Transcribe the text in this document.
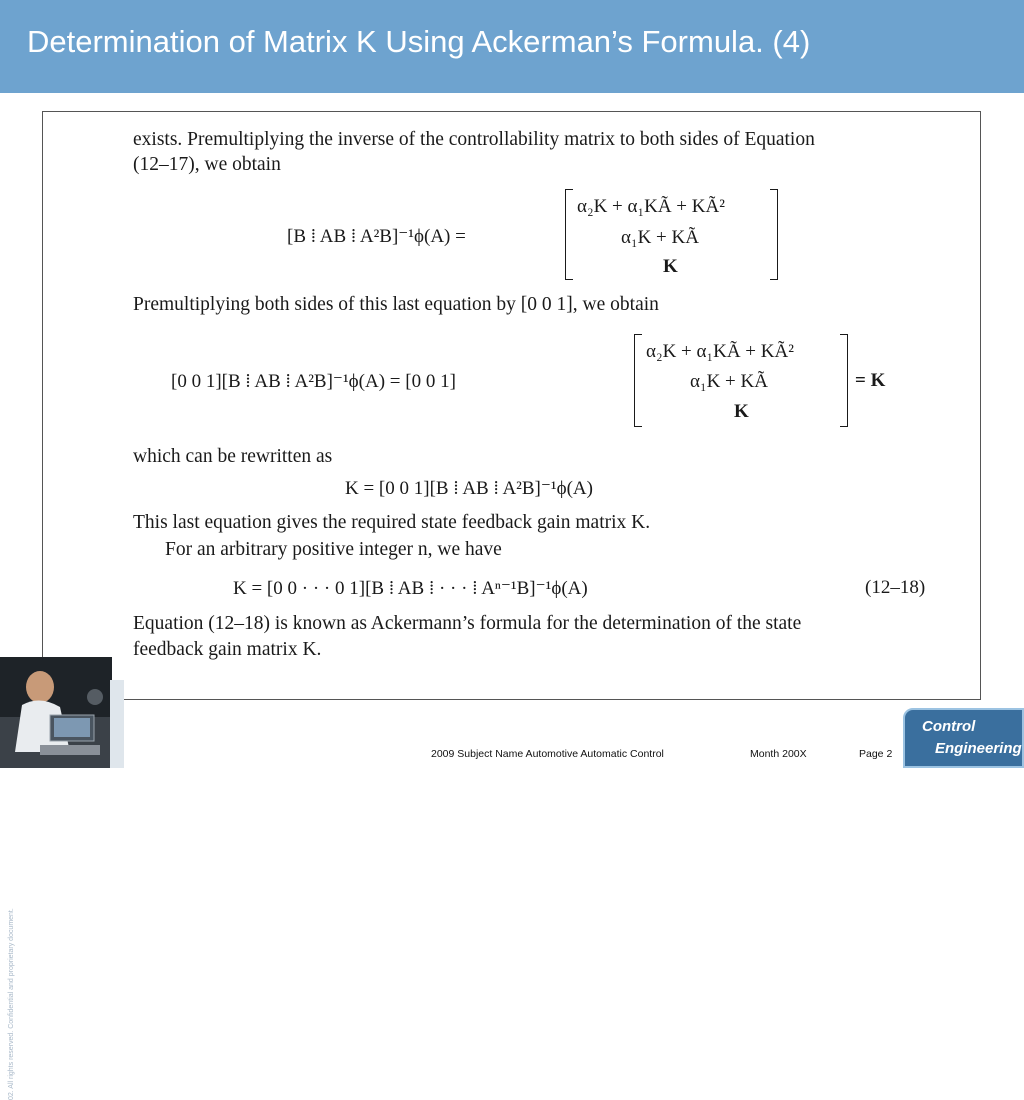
Determination of Matrix K Using Ackerman’s Formula. (4)
02. All rights reserved. Confidential and proprietary document.
exists. Premultiplying the inverse of the controllability matrix to both sides of Equation
(12–17), we obtain
[B ⁞ AB ⁞ A²B]⁻¹ϕ(A) =
α₂K + α₁KÃ + KÃ²
α₁K + KÃ
K
Premultiplying both sides of this last equation by [0 0 1], we obtain
[0 0 1][B ⁞ AB ⁞ A²B]⁻¹ϕ(A) = [0 0 1]
α₂K + α₁KÃ + KÃ²
α₁K + KÃ
K
= K
which can be rewritten as
K = [0 0 1][B ⁞ AB ⁞ A²B]⁻¹ϕ(A)
This last equation gives the required state feedback gain matrix K.
For an arbitrary positive integer n, we have
K = [0 0 · · · 0 1][B ⁞ AB ⁞ · · · ⁞ Aⁿ⁻¹B]⁻¹ϕ(A)	(12–18)
Equation (12–18) is known as Ackermann’s formula for the determination of the state
feedback gain matrix K.
2009 Subject Name Automotive Automatic Control	Month 200X	Page 2
Control
Engineering
